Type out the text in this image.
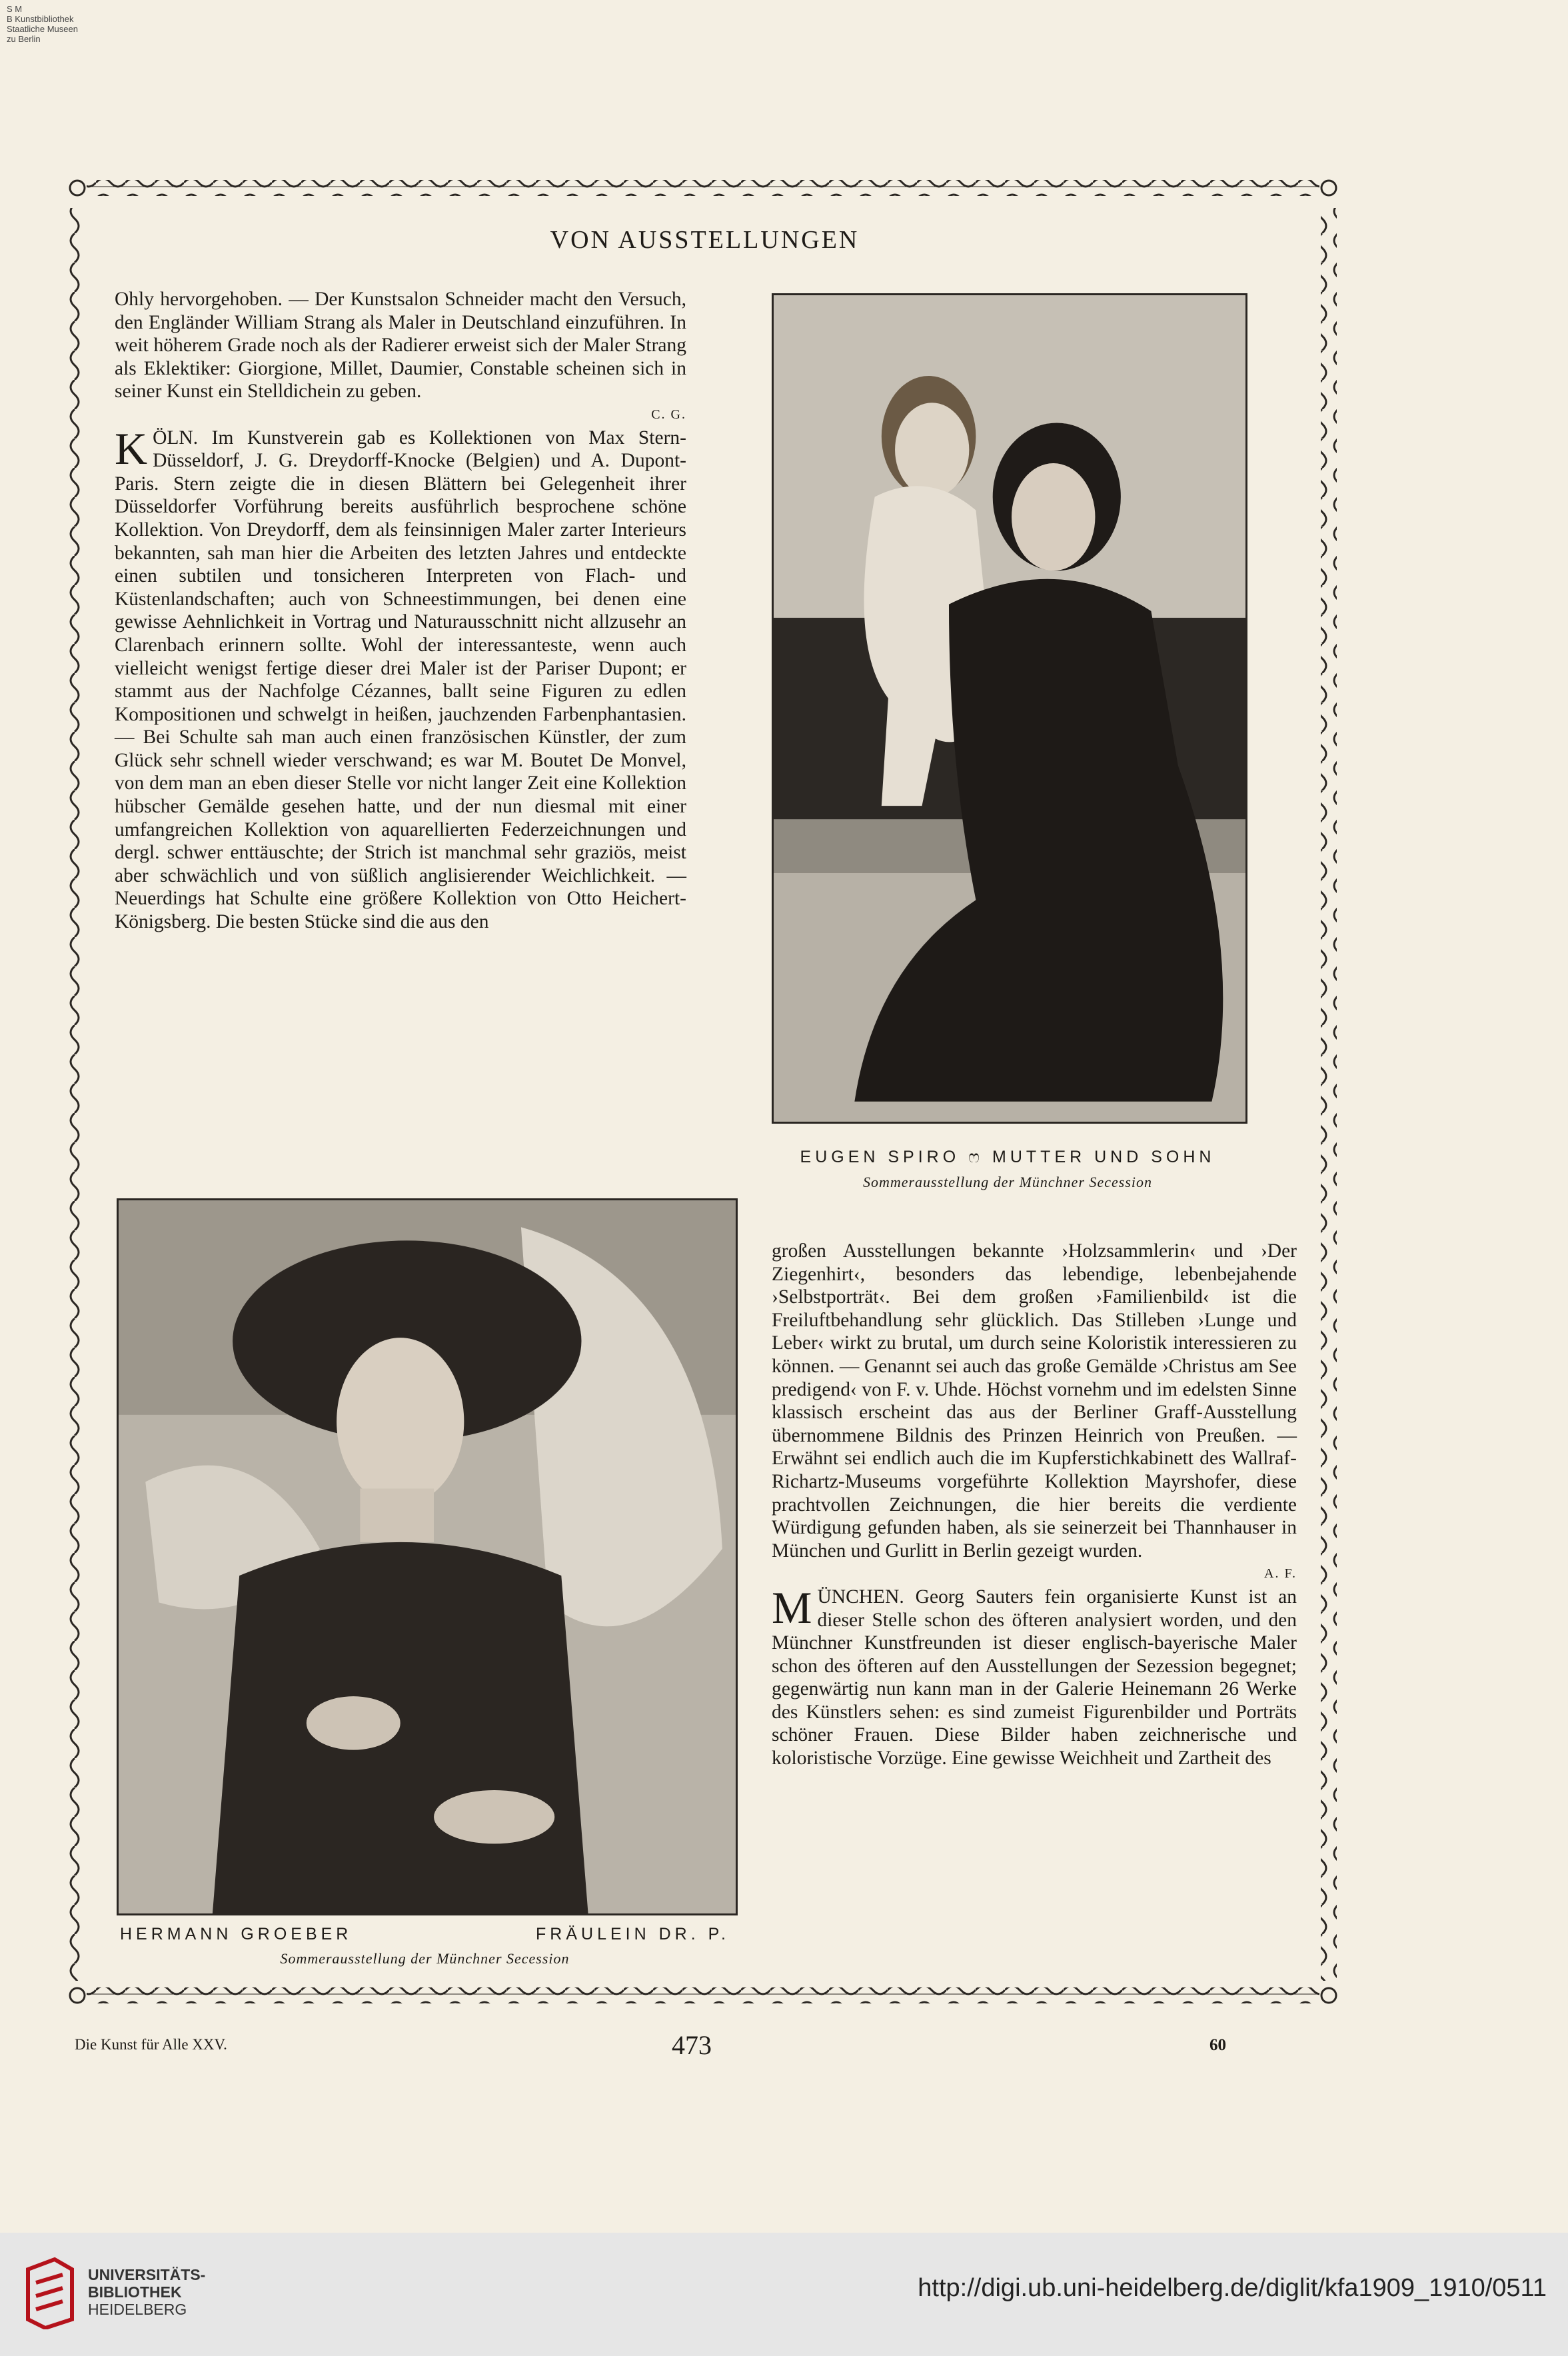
S M
B Kunstbibliothek
Staatliche Museen
zu Berlin
VON AUSSTELLUNGEN

Ohly hervorgehoben. — Der Kunstsalon Schneider macht den Versuch, den Engländer William Strang als Maler in Deutschland einzuführen. In weit höherem Grade noch als der Radierer erweist sich der Maler Strang als Eklektiker: Giorgione, Millet, Daumier, Constable scheinen sich in seiner Kunst ein Stelldichein zu geben.

C. G.

KÖLN. Im Kunstverein gab es Kollektionen von Max Stern-Düsseldorf, J. G. Dreydorff-Knocke (Belgien) und A. Dupont-Paris. Stern zeigte die in diesen Blättern bei Gelegenheit ihrer Düsseldorfer Vorführung bereits ausführlich besprochene schöne Kollektion. Von Dreydorff, dem als feinsinnigen Maler zarter Interieurs bekannten, sah man hier die Arbeiten des letzten Jahres und entdeckte einen subtilen und tonsicheren Interpreten von Flach- und Küstenlandschaften; auch von Schneestimmungen, bei denen eine gewisse Aehnlichkeit in Vortrag und Naturausschnitt nicht allzusehr an Clarenbach erinnern sollte. Wohl der interessanteste, wenn auch vielleicht wenigst fertige dieser drei Maler ist der Pariser Dupont; er stammt aus der Nachfolge Cézannes, ballt seine Figuren zu edlen Kompositionen und schwelgt in heißen, jauchzenden Farbenphantasien. — Bei Schulte sah man auch einen französischen Künstler, der zum Glück sehr schnell wieder verschwand; es war M. Boutet De Monvel, von dem man an eben dieser Stelle vor nicht langer Zeit eine Kollektion hübscher Gemälde gesehen hatte, und der nun diesmal mit einer umfangreichen Kollektion von aquarellierten Federzeichnungen und dergl. schwer enttäuschte; der Strich ist manchmal sehr graziös, meist aber schwächlich und von süßlich anglisierender Weichlichkeit. — Neuerdings hat Schulte eine größere Kollektion von Otto Heichert-Königsberg. Die besten Stücke sind die aus den

EUGEN SPIRO ෆ MUTTER UND SOHN
Sommerausstellung der Münchner Secession
HERMANN GROEBER	FRÄULEIN DR. P.
Sommerausstellung der Münchner Secession

großen Ausstellungen bekannte ›Holzsammlerin‹ und ›Der Ziegenhirt‹, besonders das lebendige, lebenbejahende ›Selbstporträt‹. Bei dem großen ›Familienbild‹ ist die Freiluftbehandlung sehr glücklich. Das Stilleben ›Lunge und Leber‹ wirkt zu brutal, um durch seine Koloristik interessieren zu können. — Genannt sei auch das große Gemälde ›Christus am See predigend‹ von F. v. Uhde. Höchst vornehm und im edelsten Sinne klassisch erscheint das aus der Berliner Graff-Ausstellung übernommene Bildnis des Prinzen Heinrich von Preußen. — Erwähnt sei endlich auch die im Kupferstichkabinett des Wallraf-Richartz-Museums vorgeführte Kollektion Mayrshofer, diese prachtvollen Zeichnungen, die hier bereits die verdiente Würdigung gefunden haben, als sie seinerzeit bei Thannhauser in München und Gurlitt in Berlin gezeigt wurden.

A. F.

MÜNCHEN. Georg Sauters fein organisierte Kunst ist an dieser Stelle schon des öfteren analysiert worden, und den Münchner Kunstfreunden ist dieser englisch-bayerische Maler schon des öfteren auf den Ausstellungen der Sezession begegnet; gegenwärtig nun kann man in der Galerie Heinemann 26 Werke des Künstlers sehen: es sind zumeist Figurenbilder und Porträts schöner Frauen. Diese Bilder haben zeichnerische und koloristische Vorzüge. Eine gewisse Weichheit und Zartheit des

Die Kunst für Alle XXV.	473	60
UNIVERSITÄTS-
BIBLIOTHEK
HEIDELBERG
http://digi.ub.uni-heidelberg.de/diglit/kfa1909_1910/0511
